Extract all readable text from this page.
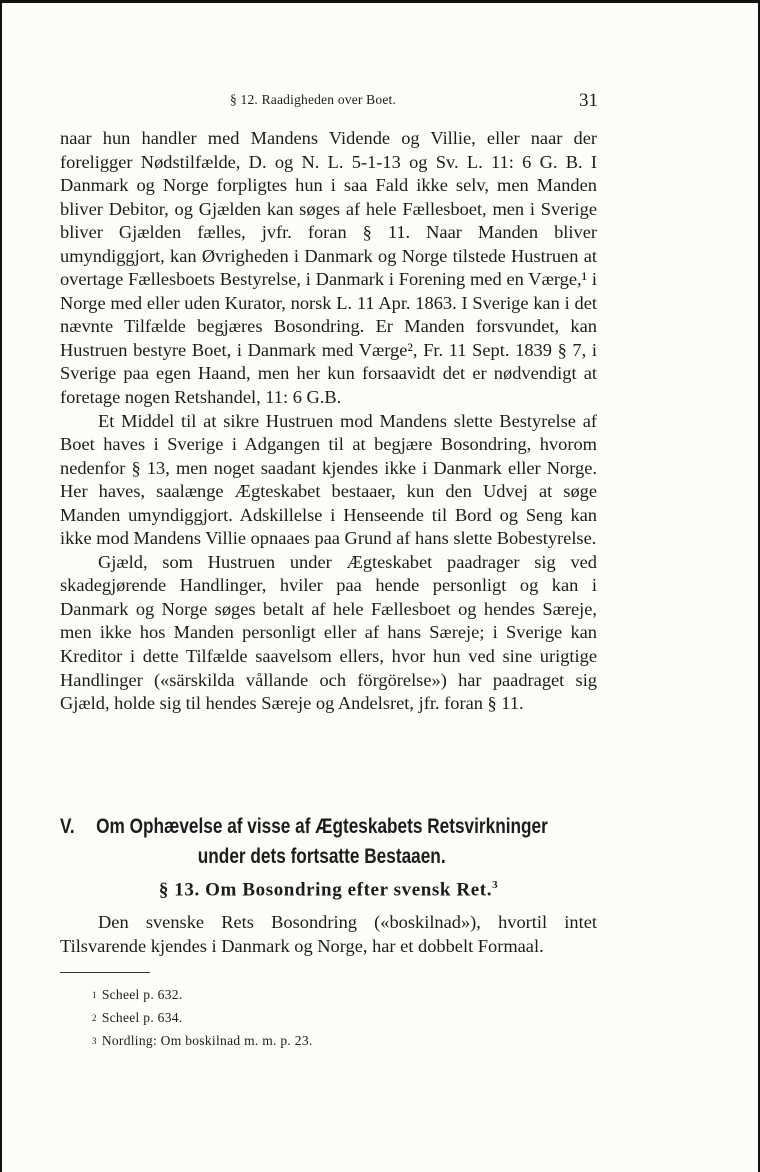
§ 12. Raadigheden over Boet.	31

naar hun handler med Mandens Vidende og Villie, eller naar der foreligger Nødstilfælde, D. og N. L. 5-1-13 og Sv. L. 11: 6 G. B. I Danmark og Norge forpligtes hun i saa Fald ikke selv, men Manden bliver Debitor, og Gjælden kan søges af hele Fællesboet, men i Sverige bliver Gjælden fælles, jvfr. foran § 11. Naar Manden bliver umyndiggjort, kan Øvrigheden i Danmark og Norge tilstede Hustruen at overtage Fællesboets Bestyrelse, i Danmark i Forening med en Værge,¹ i Norge med eller uden Kurator, norsk L. 11 Apr. 1863. I Sverige kan i det nævnte Tilfælde begjæres Bosondring. Er Manden forsvundet, kan Hustruen bestyre Boet, i Danmark med Værge², Fr. 11 Sept. 1839 § 7, i Sverige paa egen Haand, men her kun forsaavidt det er nødvendigt at foretage nogen Retshandel, 11: 6 G.B.

Et Middel til at sikre Hustruen mod Mandens slette Bestyrelse af Boet haves i Sverige i Adgangen til at begjære Bosondring, hvorom nedenfor § 13, men noget saadant kjendes ikke i Danmark eller Norge. Her haves, saalænge Ægteskabet bestaaer, kun den Udvej at søge Manden umyndiggjort. Adskillelse i Henseende til Bord og Seng kan ikke mod Mandens Villie opnaaes paa Grund af hans slette Bobestyrelse.

Gjæld, som Hustruen under Ægteskabet paadrager sig ved skadegjørende Handlinger, hviler paa hende personligt og kan i Danmark og Norge søges betalt af hele Fællesboet og hendes Særeje, men ikke hos Manden personligt eller af hans Særeje; i Sverige kan Kreditor i dette Tilfælde saavelsom ellers, hvor hun ved sine urigtige Handlinger («särskilda vållande och förgörelse») har paadraget sig Gjæld, holde sig til hendes Særeje og Andelsret, jfr. foran § 11.

V. Om Ophævelse af visse af Ægteskabets Retsvirkninger
under dets fortsatte Bestaaen.
§ 13. Om Bosondring efter svensk Ret.$^3$

Den svenske Rets Bosondring («boskilnad»), hvortil intet Tilsvarende kjendes i Danmark og Norge, har et dobbelt Formaal.

$^1$ Scheel p. 632.
$^2$ Scheel p. 634.
$^3$ Nordling: Om boskilnad m. m. p. 23.
